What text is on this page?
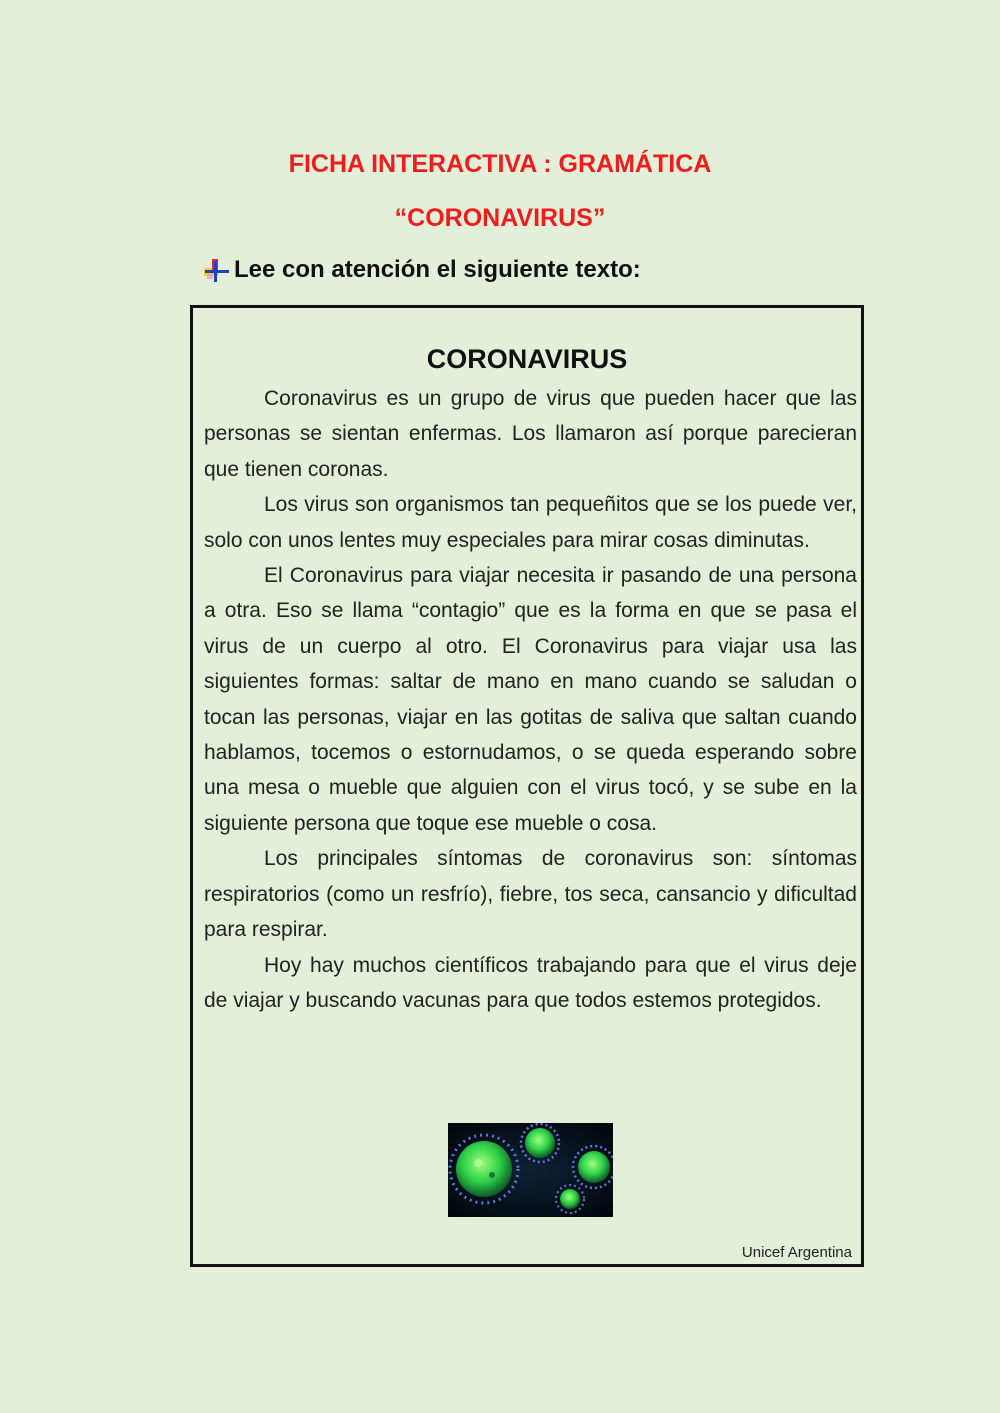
FICHA INTERACTIVA : GRAMÁTICA
“CORONAVIRUS”
Lee con atención el siguiente texto:
CORONAVIRUS

Coronavirus es un grupo de virus que pueden hacer que las personas se sientan enfermas. Los llamaron así porque parecieran que tienen coronas.

Los virus son organismos tan pequeñitos que se los puede ver, solo con unos lentes muy especiales para mirar cosas diminutas.

El Coronavirus para viajar necesita ir pasando de una persona a otra. Eso se llama “contagio” que es la forma en que se pasa el virus de un cuerpo al otro. El Coronavirus para viajar usa las siguientes formas: saltar de mano en mano cuando se saludan o tocan las personas, viajar en las gotitas de saliva que saltan cuando hablamos, tocemos o estornudamos, o se queda esperando sobre una mesa o mueble que alguien con el virus tocó, y se sube en la siguiente persona que toque ese mueble o cosa.

Los principales síntomas de coronavirus son: síntomas respiratorios (como un resfrío), fiebre, tos seca, cansancio y dificultad para respirar.

Hoy hay muchos científicos trabajando para que el virus deje de viajar y buscando vacunas para que todos estemos protegidos.

Unicef Argentina
